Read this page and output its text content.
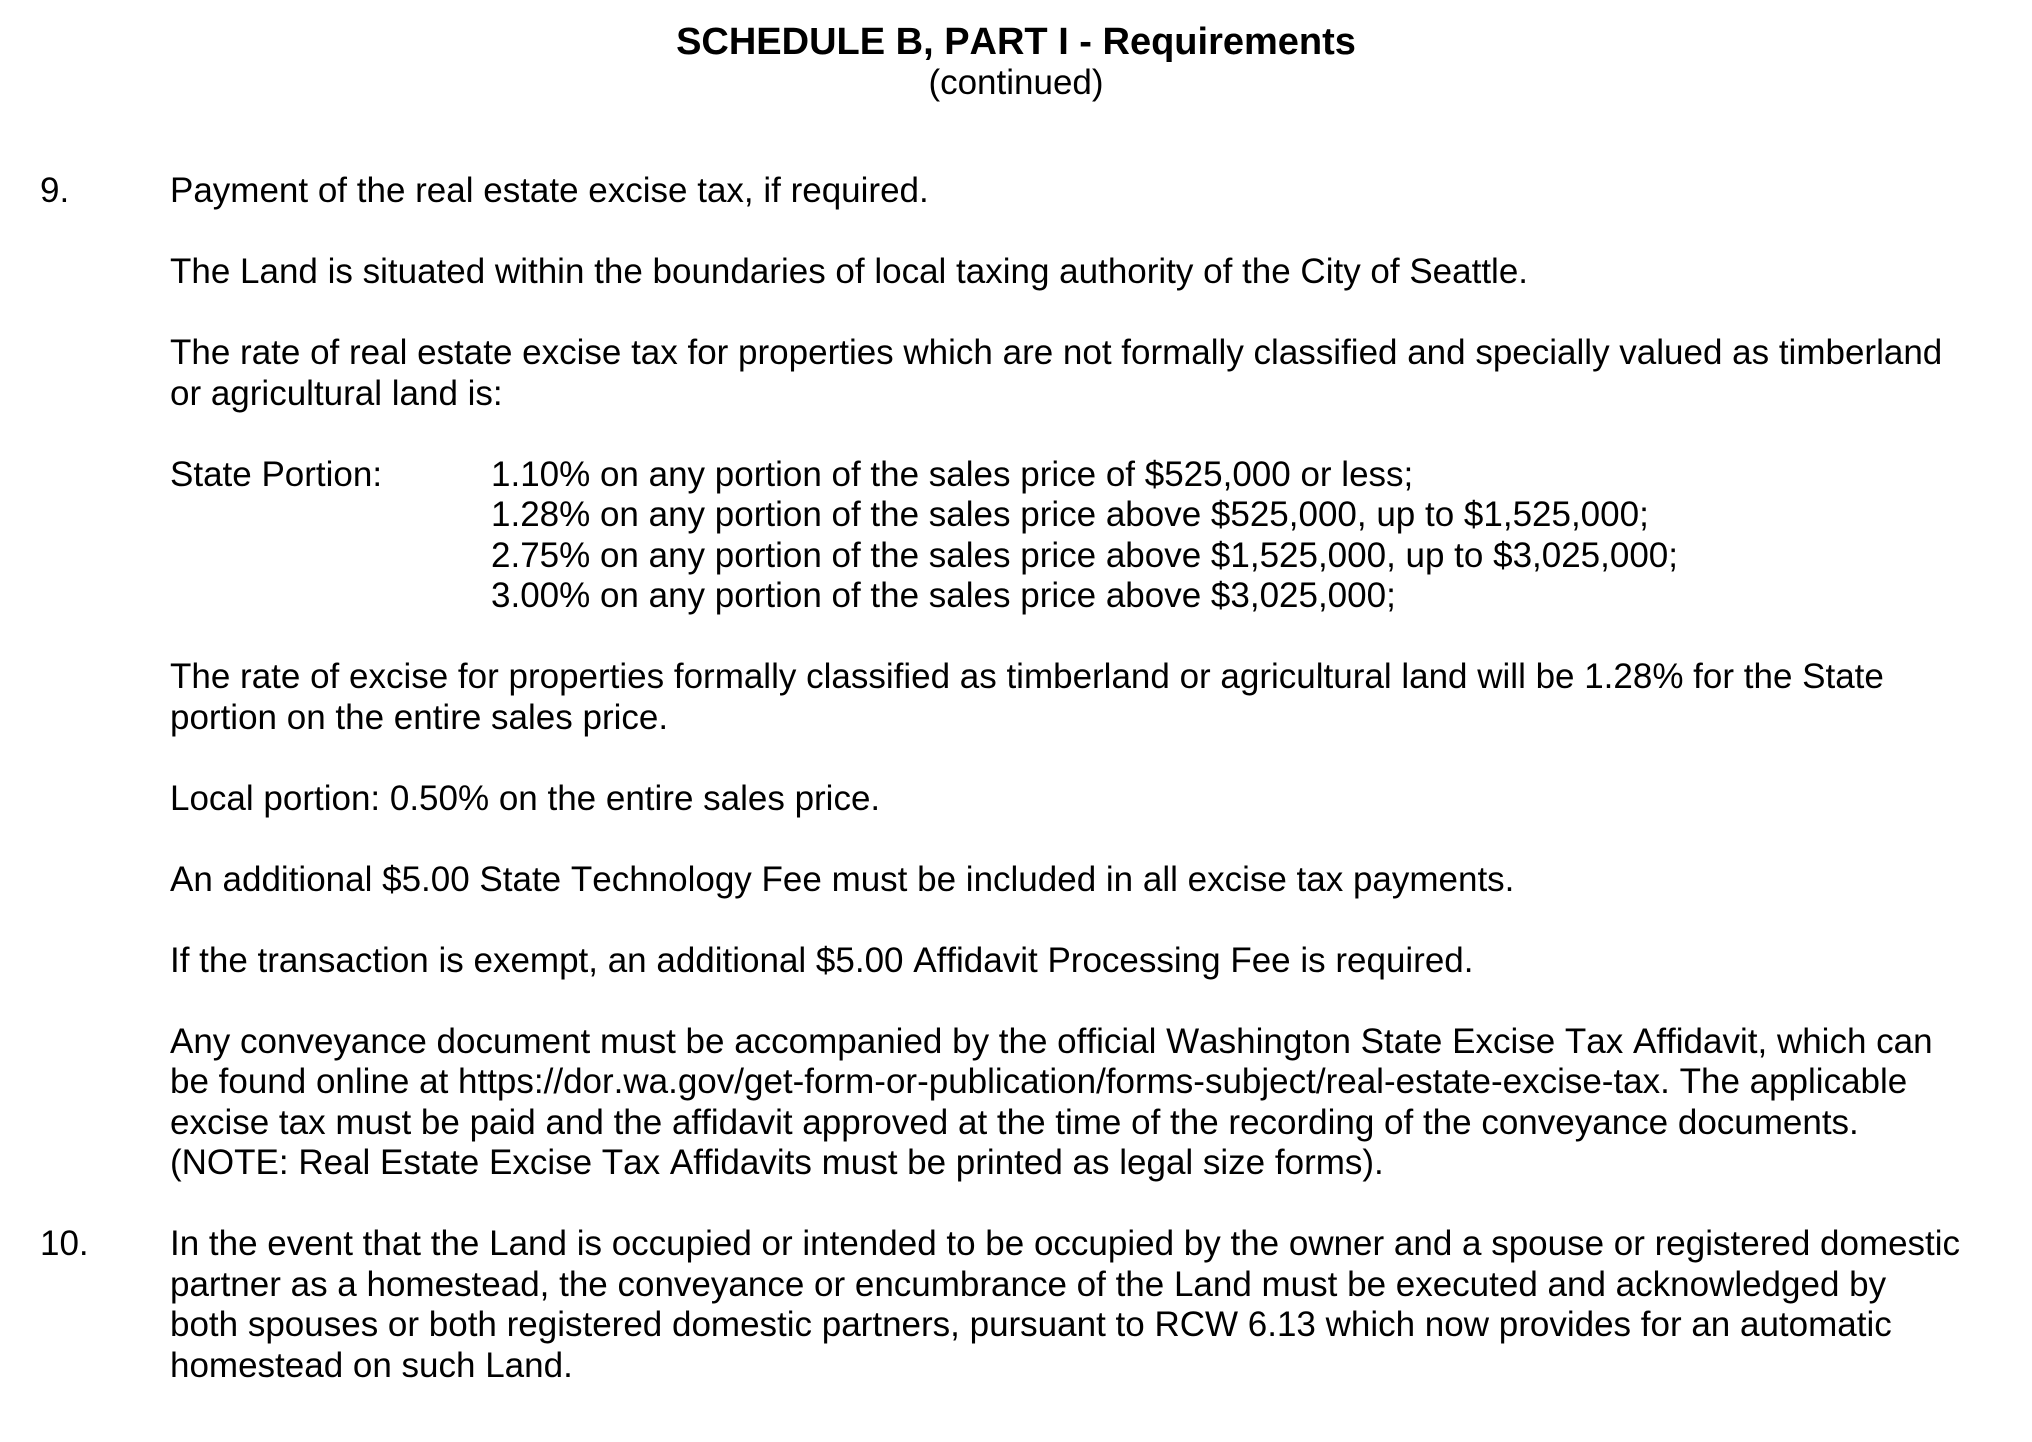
SCHEDULE B, PART I - Requirements
(continued)
9.	Payment of the real estate excise tax, if required.
The Land is situated within the boundaries of local taxing authority of the City of Seattle.
The rate of real estate excise tax for properties which are not formally classified and specially valued as timberland or agricultural land is:
State Portion:	1.10% on any portion of the sales price of $525,000 or less;
1.28% on any portion of the sales price above $525,000, up to $1,525,000;
2.75% on any portion of the sales price above $1,525,000, up to $3,025,000;
3.00% on any portion of the sales price above $3,025,000;
The rate of excise for properties formally classified as timberland or agricultural land will be 1.28% for the State portion on the entire sales price.
Local portion: 0.50% on the entire sales price.
An additional $5.00 State Technology Fee must be included in all excise tax payments.
If the transaction is exempt, an additional $5.00 Affidavit Processing Fee is required.
Any conveyance document must be accompanied by the official Washington State Excise Tax Affidavit, which can be found online at https://dor.wa.gov/get-form-or-publication/forms-subject/real-estate-excise-tax. The applicable excise tax must be paid and the affidavit approved at the time of the recording of the conveyance documents. (NOTE: Real Estate Excise Tax Affidavits must be printed as legal size forms).
10.	In the event that the Land is occupied or intended to be occupied by the owner and a spouse or registered domestic partner as a homestead, the conveyance or encumbrance of the Land must be executed and acknowledged by both spouses or both registered domestic partners, pursuant to RCW 6.13 which now provides for an automatic homestead on such Land.
